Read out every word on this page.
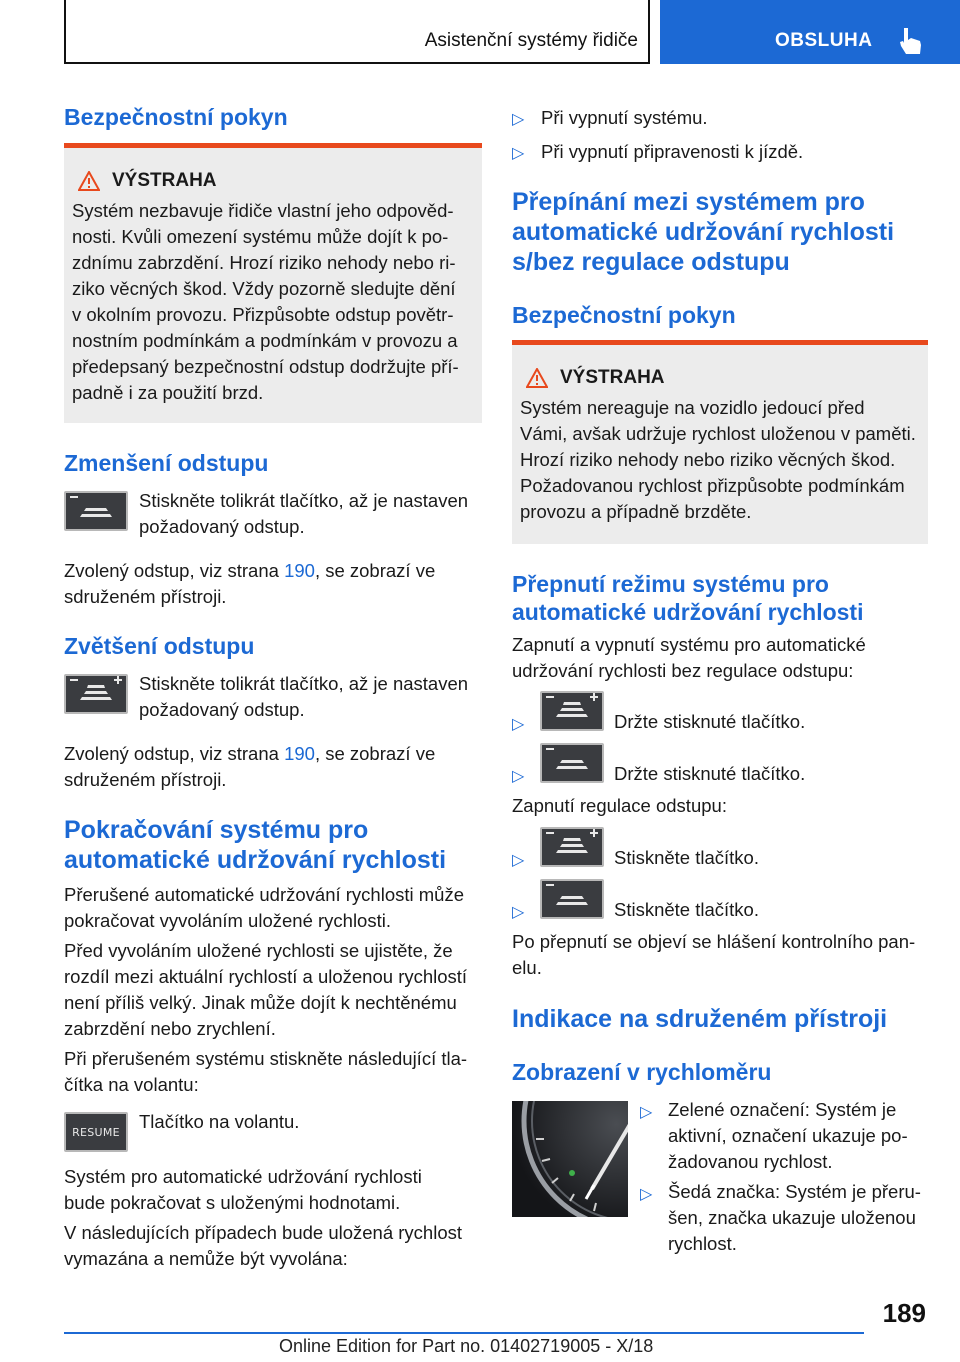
Asistenční systémy řidiče	OBSLUHA
Bezpečnostní pokyn
VÝSTRAHA
Systém nezbavuje řidiče vlastní jeho odpověd-
nosti. Kvůli omezení systému může dojít k po-
zdnímu zabrzdění. Hrozí riziko nehody nebo ri-
ziko věcných škod. Vždy pozorně sledujte dění
v okolním provozu. Přizpůsobte odstup povětr-
nostním podmínkám a podmínkám v provozu a
předepsaný bezpečnostní odstup dodržujte pří-
padně i za použití brzd.
Zmenšení odstupu
Stiskněte tolikrát tlačítko, až je nastaven
požadovaný odstup.
Zvolený odstup, viz strana 190, se zobrazí ve
sdruženém přístroji.
Zvětšení odstupu
Stiskněte tolikrát tlačítko, až je nastaven
požadovaný odstup.
Zvolený odstup, viz strana 190, se zobrazí ve
sdruženém přístroji.
Pokračování systému pro
automatické udržování rychlosti
Přerušené automatické udržování rychlosti může
pokračovat vyvoláním uložené rychlosti.
Před vyvoláním uložené rychlosti se ujistěte, že
rozdíl mezi aktuální rychlostí a uloženou rychlostí
není příliš velký. Jinak může dojít k nechtěnému
zabrzdění nebo zrychlení.
Při přerušeném systému stiskněte následující tla-
čítka na volantu:
RESUME	Tlačítko na volantu.
Systém pro automatické udržování rychlosti
bude pokračovat s uloženými hodnotami.
V následujících případech bude uložená rychlost
vymazána a nemůže být vyvolána:
▷ Při vypnutí systému.
▷ Při vypnutí připravenosti k jízdě.
Přepínání mezi systémem pro
automatické udržování rychlosti
s/bez regulace odstupu
Bezpečnostní pokyn
VÝSTRAHA
Systém nereaguje na vozidlo jedoucí před
Vámi, avšak udržuje rychlost uloženou v paměti.
Hrozí riziko nehody nebo riziko věcných škod.
Požadovanou rychlost přizpůsobte podmínkám
provozu a případně brzděte.
Přepnutí režimu systému pro
automatické udržování rychlosti
Zapnutí a vypnutí systému pro automatické
udržování rychlosti bez regulace odstupu:
▷	Držte stisknuté tlačítko.
▷	Držte stisknuté tlačítko.
Zapnutí regulace odstupu:
▷	Stiskněte tlačítko.
▷	Stiskněte tlačítko.
Po přepnutí se objeví se hlášení kontrolního pan-
elu.
Indikace na sdruženém přístroji
Zobrazení v rychloměru
▷ Zelené označení: Systém je
aktivní, označení ukazuje po-
žadovanou rychlost.
▷ Šedá značka: Systém je přeru-
šen, značka ukazuje uloženou
rychlost.
189
Online Edition for Part no. 01402719005 - X/18
